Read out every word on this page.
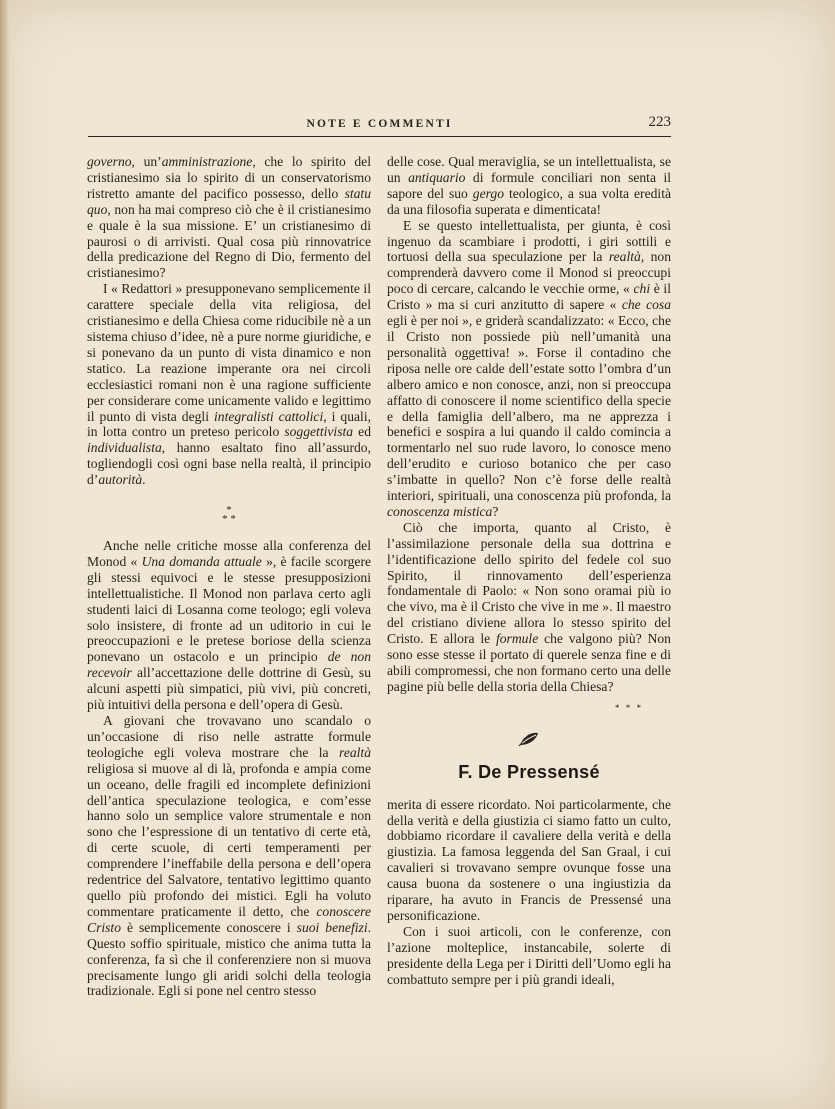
NOTE E COMMENTI	223

governo, un’amministrazione, che lo spirito del cristianesimo sia lo spirito di un conservatorismo ristretto amante del pacifico possesso, dello statu quo, non ha mai compreso ciò che è il cristianesimo e quale è la sua missione. E’ un cristianesimo di paurosi o di arrivisti. Qual cosa più rinnovatrice della predicazione del Regno di Dio, fermento del cristianesimo?

I « Redattori » presupponevano semplicemente il carattere speciale della vita religiosa, del cristianesimo e della Chiesa come riducibile nè a un sistema chiuso d’idee, nè a pure norme giuridiche, e si ponevano da un punto di vista dinamico e non statico. La reazione imperante ora nei circoli ecclesiastici romani non è una ragione sufficiente per considerare come unicamente valido e legittimo il punto di vista degli integralisti cattolici, i quali, in lotta contro un preteso pericolo soggettivista ed individualista, hanno esaltato fino all’assurdo, togliendogli così ogni base nella realtà, il principio d’autorità.

*
* *

Anche nelle critiche mosse alla conferenza del Monod « Una domanda attuale », è facile scorgere gli stessi equivoci e le stesse presupposizioni intellettualistiche. Il Monod non parlava certo agli studenti laici di Losanna come teologo; egli voleva solo insistere, di fronte ad un uditorio in cui le preoccupazioni e le pretese boriose della scienza ponevano un ostacolo e un principio de non recevoir all’accettazione delle dottrine di Gesù, su alcuni aspetti più simpatici, più vivi, più concreti, più intuitivi della persona e dell’opera di Gesù.

A giovani che trovavano uno scandalo o un’occasione di riso nelle astratte formule teologiche egli voleva mostrare che la realtà religiosa si muove al di là, profonda e ampia come un oceano, delle fragili ed incomplete definizioni dell’antica speculazione teologica, e com’esse hanno solo un semplice valore strumentale e non sono che l’espressione di un tentativo di certe età, di certe scuole, di certi temperamenti per comprendere l’ineffabile della persona e dell’opera redentrice del Salvatore, tentativo legittimo quanto quello più profondo dei mistici. Egli ha voluto commentare praticamente il detto, che conoscere Cristo è semplicemente conoscere i suoi benefizi. Questo soffio spirituale, mistico che anima tutta la conferenza, fa sì che il conferenziere non si muova precisamente lungo gli aridi solchi della teologia tradizionale. Egli si pone nel centro stesso

delle cose. Qual meraviglia, se un intellettualista, se un antiquario di formule conciliari non senta il sapore del suo gergo teologico, a sua volta eredità da una filosofia superata e dimenticata!

E se questo intellettualista, per giunta, è così ingenuo da scambiare i prodotti, i giri sottili e tortuosi della sua speculazione per la realtà, non comprenderà davvero come il Monod si preoccupi poco di cercare, calcando le vecchie orme, « chi è il Cristo » ma si curi anzitutto di sapere « che cosa egli è per noi », e griderà scandalizzato: « Ecco, che il Cristo non possiede più nell’umanità una personalità oggettiva! ». Forse il contadino che riposa nelle ore calde dell’estate sotto l’ombra d’un albero amico e non conosce, anzi, non si preoccupa affatto di conoscere il nome scientifico della specie e della famiglia dell’albero, ma ne apprezza i benefici e sospira a lui quando il caldo comincia a tormentarlo nel suo rude lavoro, lo conosce meno dell’erudito e curioso botanico che per caso s’imbatte in quello? Non c’è forse delle realtà interiori, spirituali, una conoscenza più profonda, la conoscenza mistica?

Ciò che importa, quanto al Cristo, è l’assimilazione personale della sua dottrina e l’identificazione dello spirito del fedele col suo Spirito, il rinnovamento dell’esperienza fondamentale di Paolo: « Non sono oramai più io che vivo, ma è il Cristo che vive in me ». Il maestro del cristiano diviene allora lo stesso spirito del Cristo. E allora le formule che valgono più? Non sono esse stesse il portato di querele senza fine e di abili compromessi, che non formano certo una delle pagine più belle della storia della Chiesa?

* * *
F. De Pressensé

merita di essere ricordato. Noi particolarmente, che della verità e della giustizia ci siamo fatto un culto, dobbiamo ricordare il cavaliere della verità e della giustizia. La famosa leggenda del San Graal, i cui cavalieri si trovavano sempre ovunque fosse una causa buona da sostenere o una ingiustizia da riparare, ha avuto in Francis de Pressensé una personificazione.

Con i suoi articoli, con le conferenze, con l’azione molteplice, instancabile, solerte di presidente della Lega per i Diritti dell’Uomo egli ha combattuto sempre per i più grandi ideali,
